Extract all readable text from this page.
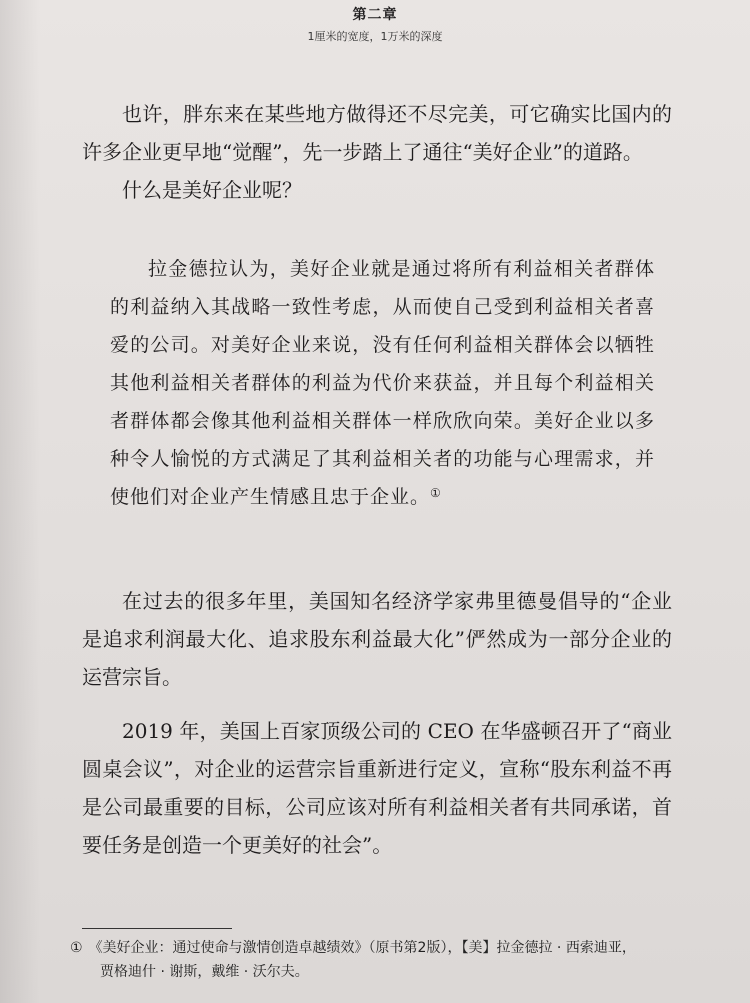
第二章
1厘米的宽度，1万米的深度

也许，胖东来在某些地方做得还不尽完美，可它确实比国内的许多企业更早地“觉醒”，先一步踏上了通往“美好企业”的道路。

什么是美好企业呢？

拉金德拉认为，美好企业就是通过将所有利益相关者群体的利益纳入其战略一致性考虑，从而使自己受到利益相关者喜爱的公司。对美好企业来说，没有任何利益相关群体会以牺牲其他利益相关者群体的利益为代价来获益，并且每个利益相关者群体都会像其他利益相关群体一样欣欣向荣。美好企业以多种令人愉悦的方式满足了其利益相关者的功能与心理需求，并使他们对企业产生情感且忠于企业。①

在过去的很多年里，美国知名经济学家弗里德曼倡导的“企业是追求利润最大化、追求股东利益最大化”俨然成为一部分企业的运营宗旨。

2019 年，美国上百家顶级公司的 CEO 在华盛顿召开了“商业圆桌会议”，对企业的运营宗旨重新进行定义，宣称“股东利益不再是公司最重要的目标，公司应该对所有利益相关者有共同承诺，首要任务是创造一个更美好的社会”。

① 《美好企业：通过使命与激情创造卓越绩效》（原书第2版），【美】拉金德拉 · 西索迪亚，
贾格迪什 · 谢斯，戴维 · 沃尔夫。
